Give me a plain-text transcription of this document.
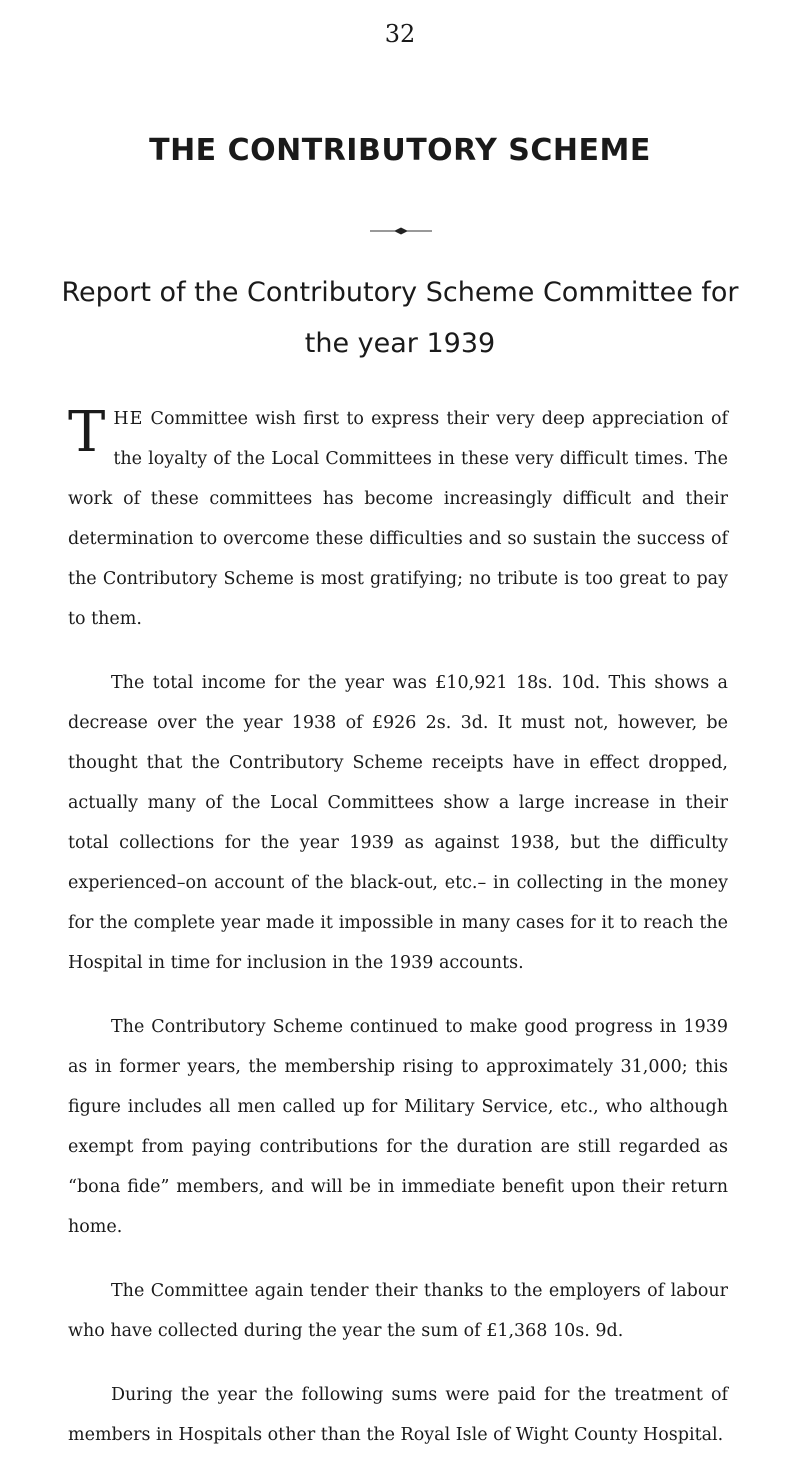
32
THE CONTRIBUTORY SCHEME
Report of the Contributory Scheme Committee for
the year 1939

THE Committee wish first to express their very deep appreciation of the loyalty of the Local Committees in these very difficult times. The work of these committees has become increasingly difficult and their determination to overcome these difficulties and so sustain the success of the Contributory Scheme is most gratifying; no tribute is too great to pay to them.

The total income for the year was £10,921 18s. 10d. This shows a decrease over the year 1938 of £926 2s. 3d. It must not, however, be thought that the Contributory Scheme receipts have in effect dropped, actually many of the Local Committees show a large increase in their total collections for the year 1939 as against 1938, but the difficulty experienced–on account of the black-out, etc.– in collecting in the money for the complete year made it impossible in many cases for it to reach the Hospital in time for inclusion in the 1939 accounts.

The Contributory Scheme continued to make good progress in 1939 as in former years, the membership rising to approximately 31,000; this figure includes all men called up for Military Service, etc., who although exempt from paying contributions for the duration are still regarded as “bona fide” members, and will be in immediate benefit upon their return home.

The Committee again tender their thanks to the employers of labour who have collected during the year the sum of £1,368 10s. 9d.

During the year the following sums were paid for the treatment of members in Hospitals other than the Royal Isle of Wight County Hospital.
